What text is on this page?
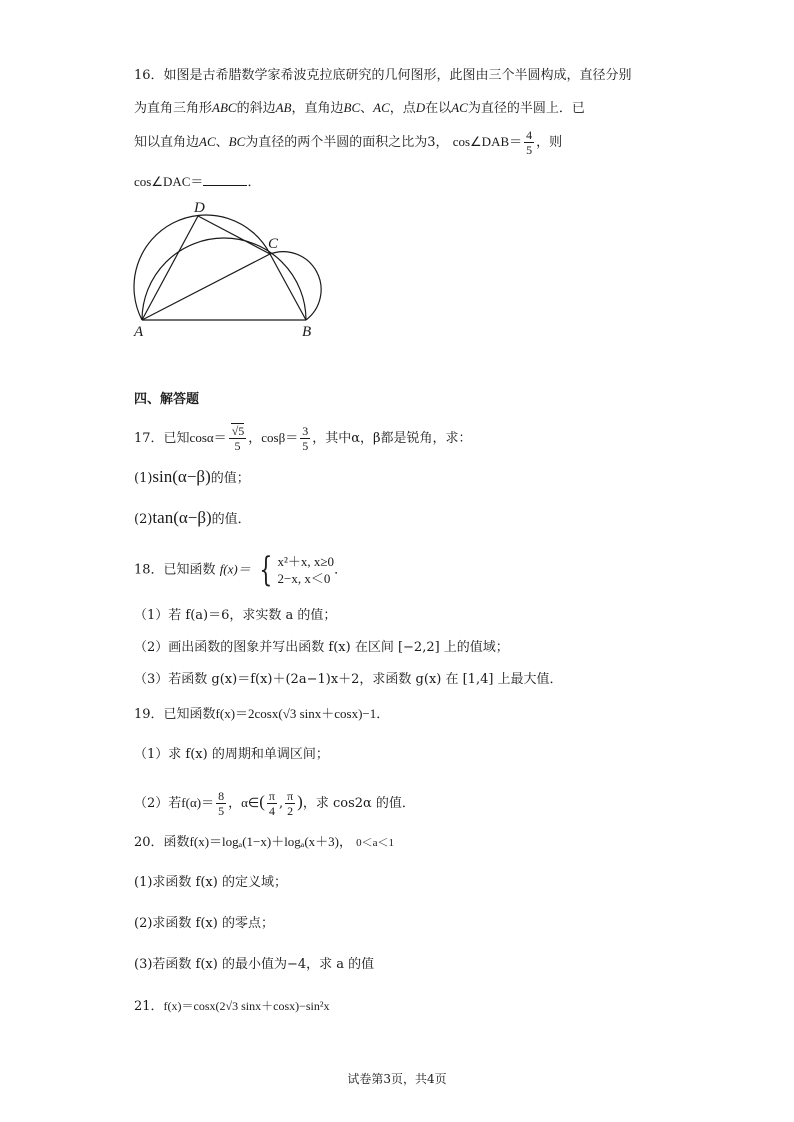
16．如图是古希腊数学家希波克拉底研究的几何图形，此图由三个半圆构成，直径分别
为直角三角形ABC的斜边AB，直角边BC、AC，点D在以AC为直径的半圆上．已
知以直角边AC、BC为直径的两个半圆的面积之比为3， cos∠DAB＝ $\frac{4}{5}$ ，则
cos∠DAC＝	．
A	B
C
D
四、解答题
17．已知$\cos\alpha= \frac{√5}{5}$ ，$\cos\beta= \frac{3}{5}$ ，其中α，β都是锐角，求：
(1)sin(α−β)的值；
(2)tan(α−β)的值．
18．已知函数 f(x)＝ { x²＋x, x≥0
2−x, x＜0
．
（1）若 f(a)＝6，求实数 a 的值；
（2）画出函数的图象并写出函数 f(x) 在区间 [−2,2] 上的值域；
（3）若函数 g(x)＝f(x)＋(2a−1)x＋2，求函数 g(x) 在 [1,4] 上最大值．
19．已知函数f(x)＝2cosx(√3 sinx＋cosx)−1．
（1）求 f(x) 的周期和单调区间；
（2）若$f(\alpha)= \frac{8}{5}$ ，α∈( $\frac{\pi}{4}$ , $\frac{\pi}{2}$ )，求 cos2α 的值．
20．函数f(x)＝logₐ(1−x)＋logₐ(x＋3)， 0＜a＜1
(1)求函数 f(x) 的定义域；
(2)求函数 f(x) 的零点；
(3)若函数 f(x) 的最小值为−4，求 a 的值
21．f(x)＝cosx(2√3 sinx＋cosx)−sin²x
试卷第3页，共4页
